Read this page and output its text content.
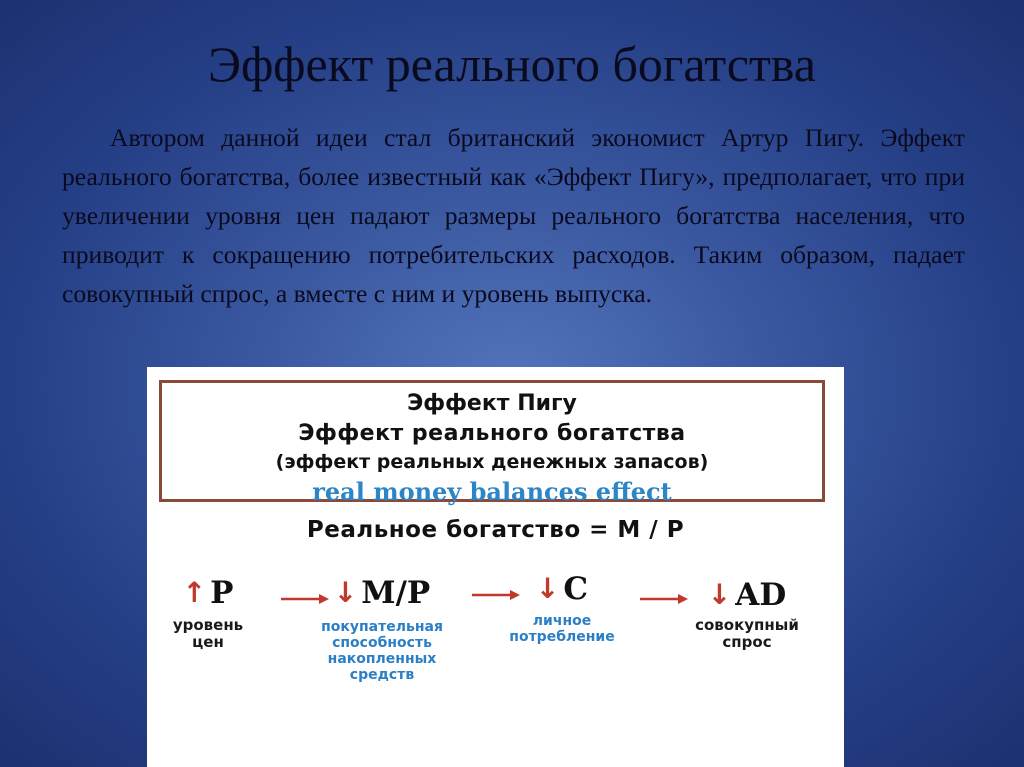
Эффект реального богатства
Автором данной идеи стал британский экономист Артур Пигу. Эффект реального богатства, более известный как «Эффект Пигу», предполагает, что при увеличении уровня цен падают размеры реального богатства населения, что приводит к сокращению потребительских расходов. Таким образом, падает совокупный спрос, а вместе с ним и уровень выпуска.
Эффект Пигу
Эффект реального богатства
(эффект реальных денежных запасов)
real money balances effect
Реальное богатство = M / P
↑ P
уровень
цен
↓ M/P
покупательная
способность
накопленных
средств
↓ C
личное
потребление
↓ AD
совокупный
спрос
